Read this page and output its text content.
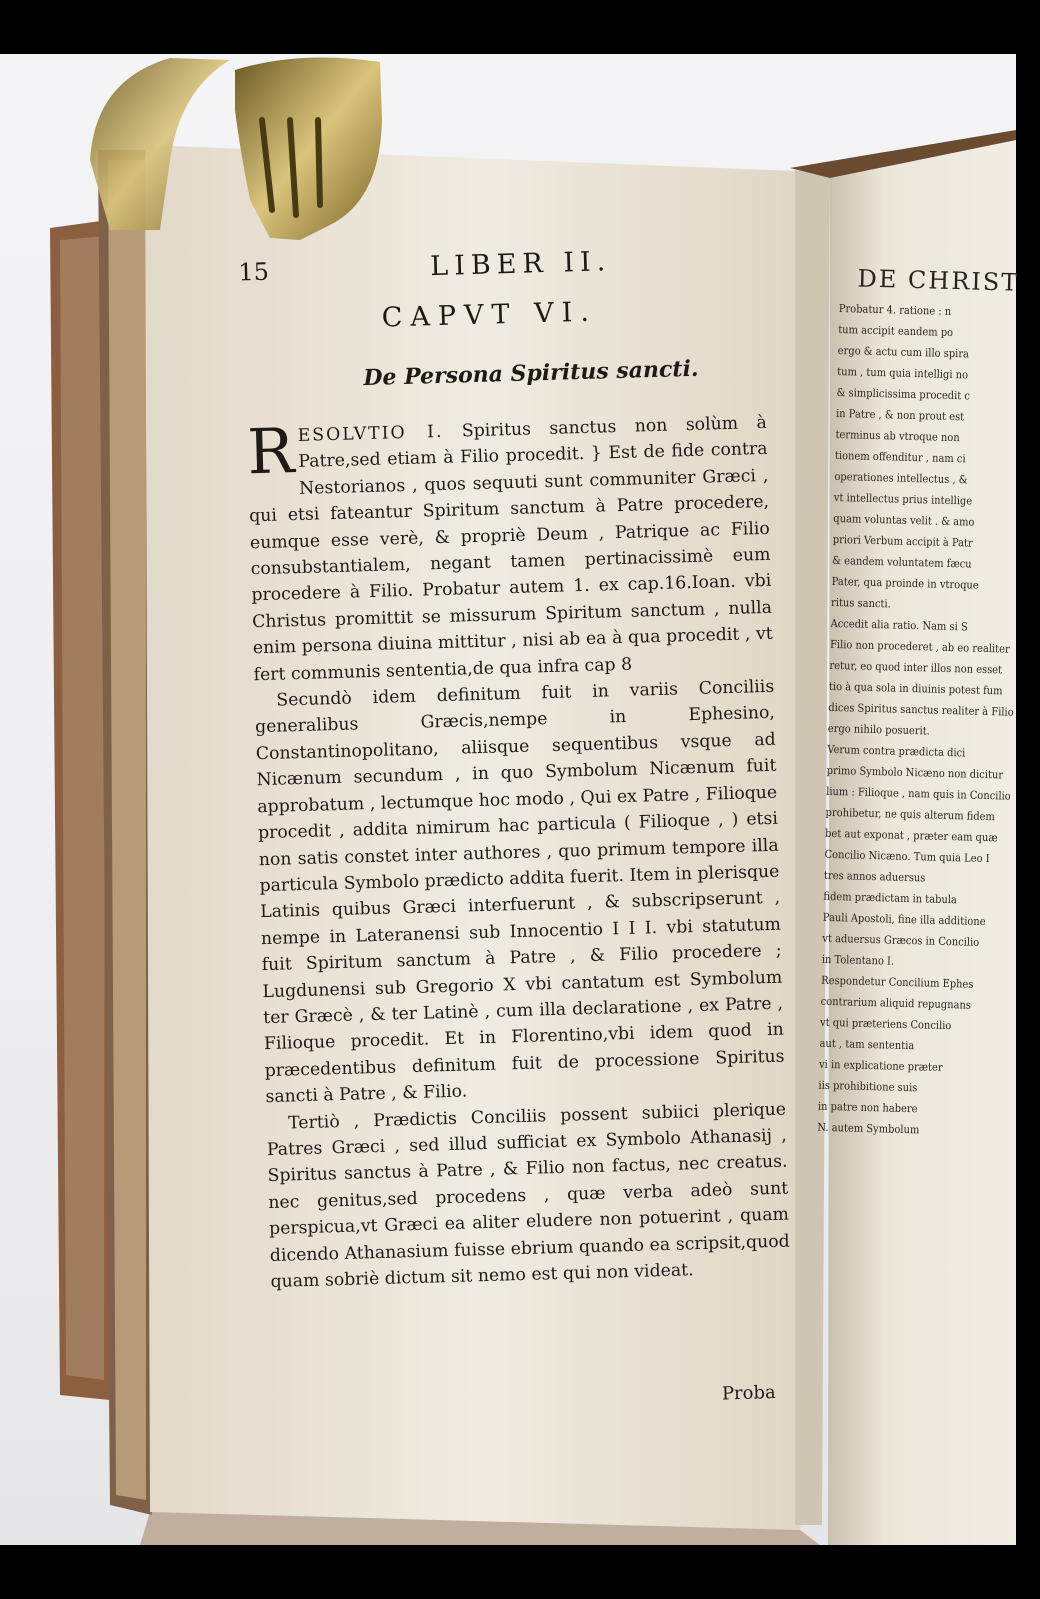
15	LIBER II.
CAPVT VI.
De Persona Spiritus sancti.
R ESOLVTIO I. Spiritus sanctus non solùm à Patre,sed etiam à Filio procedit. } Est de fide contra Nestorianos , quos sequuti sunt communiter Græci , qui etsi fateantur Spiritum sanctum à Patre procedere, eumque esse verè, & propriè Deum , Patrique ac Filio consubstantialem, negant tamen pertinacissimè eum procedere à Filio. Probatur autem 1. ex cap.16.Ioan. vbi Christus promittit se missurum Spiritum sanctum , nulla enim persona diuina mittitur , nisi ab ea à qua procedit , vt fert communis sententia,de qua infra cap 8

Secundò idem definitum fuit in variis Conciliis generalibus Græcis,nempe in Ephesino, Constantinopolitano, aliisque sequentibus vsque ad Nicænum secundum , in quo Symbolum Nicænum fuit approbatum , lectumque hoc modo , Qui ex Patre , Filioque procedit , addita nimirum hac particula ( Filioque , ) etsi non satis constet inter authores , quo primum tempore illa particula Symbolo prædicto addita fuerit. Item in plerisque Latinis quibus Græci interfuerunt , & subscripserunt , nempe in Lateranensi sub Innocentio I I I. vbi statutum fuit Spiritum sanctum à Patre , & Filio procedere ; Lugdunensi sub Gregorio X vbi cantatum est Symbolum ter Græcè , & ter Latinè , cum illa declaratione , ex Patre , Filioque procedit. Et in Florentino,vbi idem quod in præcedentibus definitum fuit de processione Spiritus sancti à Patre , & Filio.

Tertiò , Prædictis Conciliis possent subiici plerique Patres Græci , sed illud sufficiat ex Symbolo Athanasij , Spiritus sanctus à Patre , & Filio non factus, nec creatus. nec genitus,sed procedens , quæ verba adeò sunt perspicua,vt Græci ea aliter eludere non potuerint , quam dicendo Athanasium fuisse ebrium quando ea scripsit,quod quam sobriè dictum sit nemo est qui non videat.

Proba
DE CHRIST
Probatur 4. ratione : n
tum accipit eandem po
ergo & actu cum illo spira
tum , tum quia intelligi no
& simplicissima procedit c
in Patre , & non prout est
terminus ab vtroque non
tionem offenditur , nam ci
operationes intellectus , &
vt intellectus prius intellige
quam voluntas velit . & amo
priori Verbum accipit à Patr
& eandem voluntatem fæcu
Pater, qua proinde in vtroque
ritus sancti.
Accedit alia ratio. Nam si S
Filio non procederet , ab eo realiter
retur, eo quod inter illos non esset
tio à qua sola in diuinis potest fum
dices Spiritus sanctus realiter à Filio
ergo nihilo posuerit.
Verum contra prædicta dici
primo Symbolo Nicæno non dicitur
lium : Filioque , nam quis in Concilio
prohibetur, ne quis alterum fidem
bet aut exponat , præter eam quæ
Concilio Nicæno. Tum quia Leo I
tres annos aduersus
fidem prædictam in tabula
Pauli Apostoli, fine illa additione
vt aduersus Græcos in Concilio
in Tolentano I.
Respondetur Concilium Ephes
contrarium aliquid repugnans
vt qui præteriens Concilio
aut , tam sententia
vi in explicatione præter
iis prohibitione suis
in patre non habere
N. autem Symbolum
